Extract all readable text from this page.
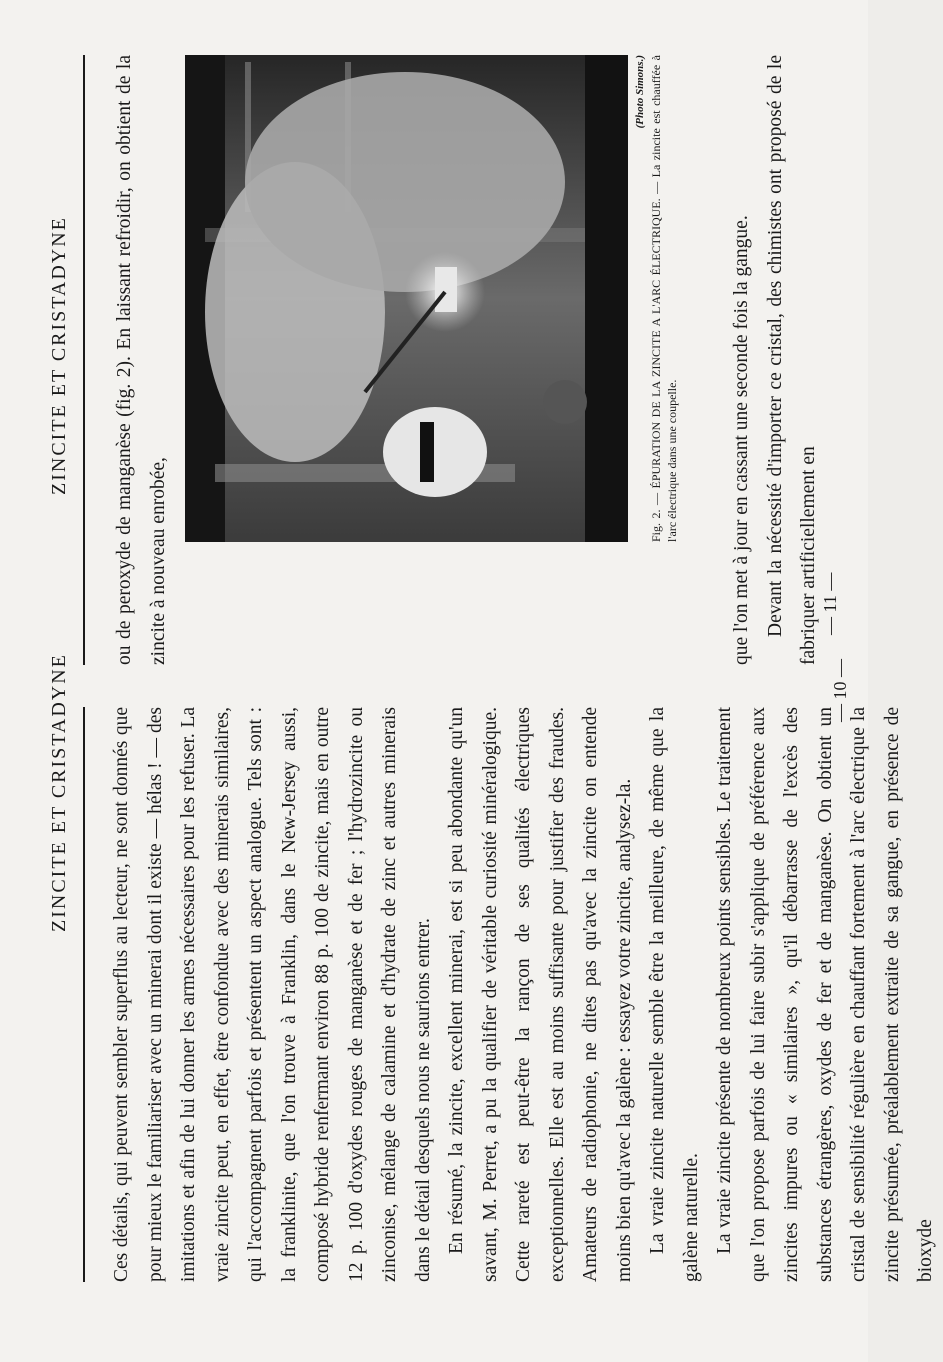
ZINCITE ET CRISTADYNE	ou de peroxyde de manganèse (fig. 2). En laissant refroidir, on obtient de la zincite à nouveau enrobée,

(Photo Simons.) Fig. 2. — ÉPURATION DE LA ZINCITE A L'ARC ÉLECTRIQUE. — La zincite est chauffée à l'arc électrique dans une coupelle.	que l'on met à jour en cassant une seconde fois la gangue. Devant la nécessité d'importer ce cristal, des chimistes ont proposé de le fabriquer artificiellement en — 11 —
ZINCITE ET CRISTADYNE	Ces détails, qui peuvent sembler superflus au lecteur, ne sont donnés que pour mieux le familiariser avec un minerai dont il existe — hélas ! — des imitations et afin de lui donner les armes nécessaires pour les refuser. La vraie zincite peut, en effet, être confondue avec des minerais similaires, qui l'accompagnent parfois et présentent un aspect analogue. Tels sont : la franklinite, que l'on trouve à Franklin, dans le New-Jersey aussi, composé hybride renfermant environ 88 p. 100 de zincite, mais en outre 12 p. 100 d'oxydes rouges de manganèse et de fer ; l'hydrozincite ou zinconise, mélange de calamine et d'hydrate de zinc et autres minerais dans le détail desquels nous ne saurions entrer. En résumé, la zincite, excellent minerai, est si peu abondante qu'un savant, M. Perret, a pu la qualifier de véritable curiosité minéralogique. Cette rareté est peut-être la rançon de ses qualités électriques exceptionnelles. Elle est au moins suffisante pour justifier des fraudes. Amateurs de radiophonie, ne dites pas qu'avec la zincite on entende moins bien qu'avec la galène : essayez votre zincite, analysez-la. La vraie zincite naturelle semble être la meilleure, de même que la galène naturelle. La vraie zincite présente de nombreux points sensibles. Le traitement que l'on propose parfois de lui faire subir s'applique de préférence aux zincites impures ou « similaires », qu'il débarrasse de l'excès des substances étrangères, oxydes de fer et de manganèse. On obtient un cristal de sensibilité régulière en chauffant fortement à l'arc électrique la zincite présumée, préalablement extraite de sa gangue, en présence de bioxyde

— 10 —
